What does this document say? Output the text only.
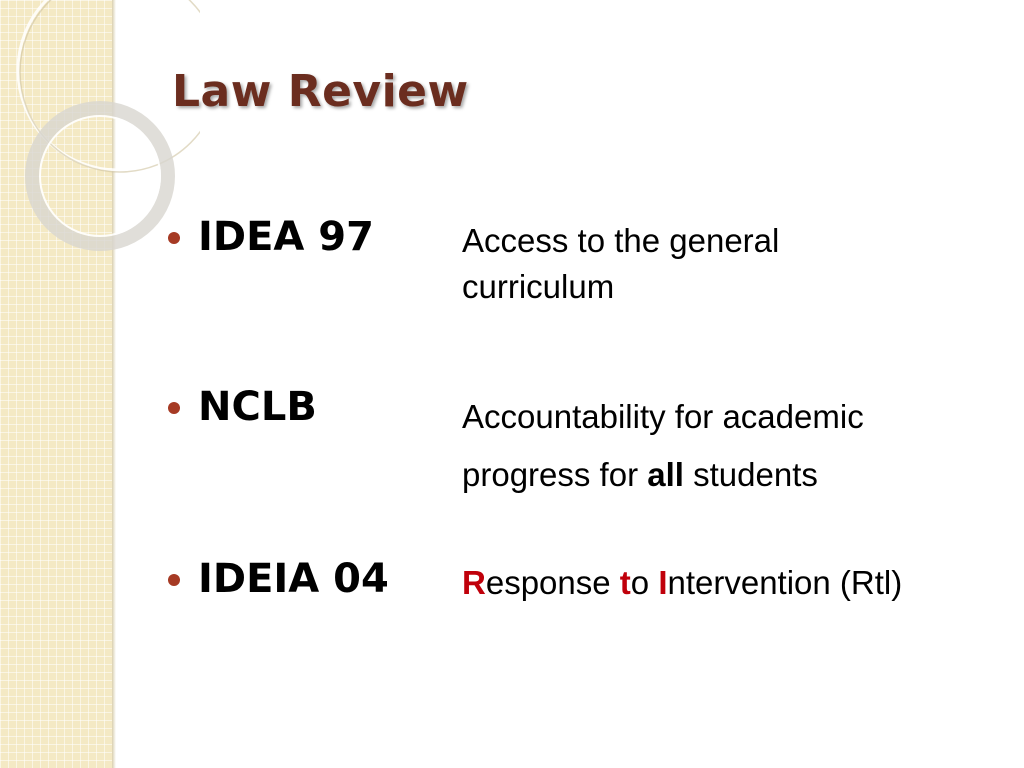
Law Review
IDEA 97	Access to the general
curriculum
NCLB	Accountability for academic
progress for all students
IDEIA 04 Response to Intervention (Rtl)
